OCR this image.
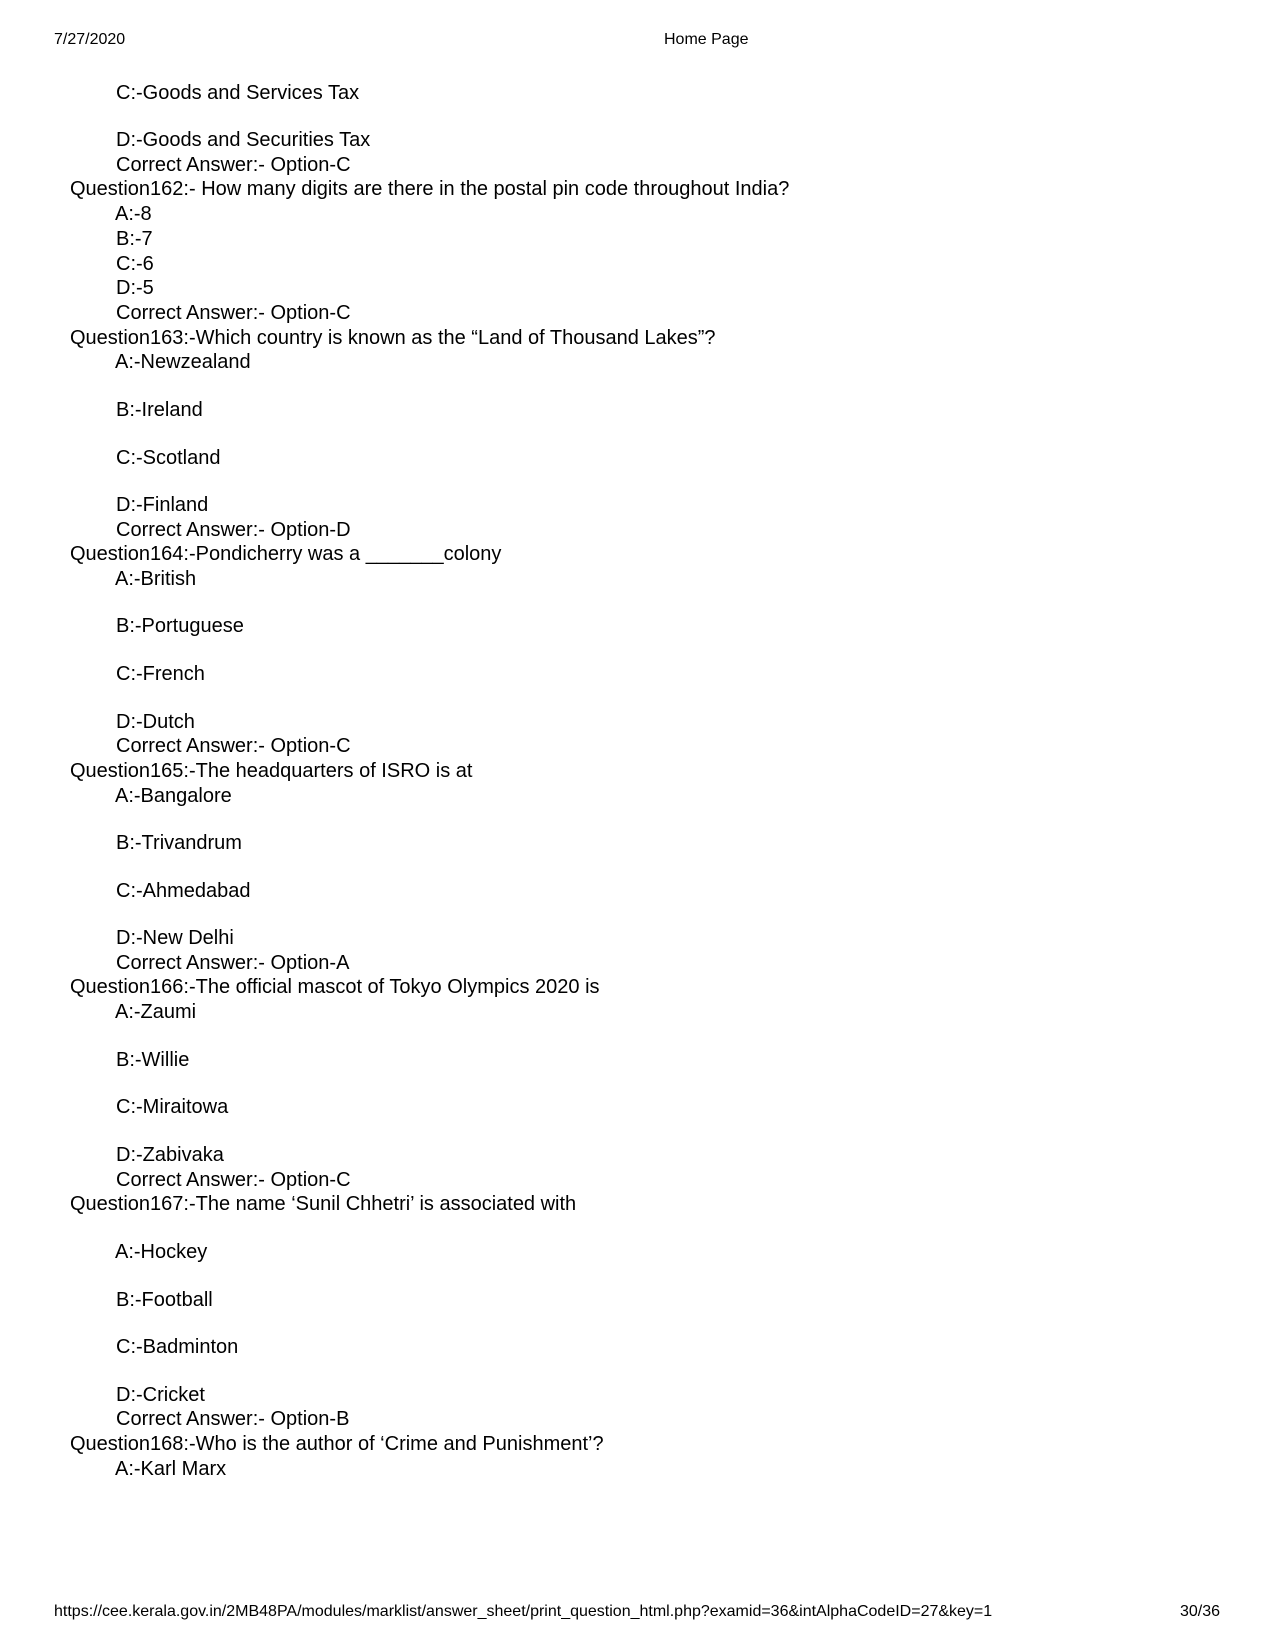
7/27/2020	Home Page
C:-Goods and Services Tax
D:-Goods and Securities Tax
Correct Answer:- Option-C
Question162:- How many digits are there in the postal pin code throughout India?
A:-8
B:-7
C:-6
D:-5
Correct Answer:- Option-C
Question163:-Which country is known as the “Land of Thousand Lakes”?
A:-Newzealand
B:-Ireland
C:-Scotland
D:-Finland
Correct Answer:- Option-D
Question164:-Pondicherry was a _______colony
A:-British
B:-Portuguese
C:-French
D:-Dutch
Correct Answer:- Option-C
Question165:-The headquarters of ISRO is at
A:-Bangalore
B:-Trivandrum
C:-Ahmedabad
D:-New Delhi
Correct Answer:- Option-A
Question166:-The official mascot of Tokyo Olympics 2020 is
A:-Zaumi
B:-Willie
C:-Miraitowa
D:-Zabivaka
Correct Answer:- Option-C
Question167:-The name ‘Sunil Chhetri’ is associated with
A:-Hockey
B:-Football
C:-Badminton
D:-Cricket
Correct Answer:- Option-B
Question168:-Who is the author of ‘Crime and Punishment’?
A:-Karl Marx
https://cee.kerala.gov.in/2MB48PA/modules/marklist/answer_sheet/print_question_html.php?examid=36&intAlphaCodeID=27&key=1	30/36
